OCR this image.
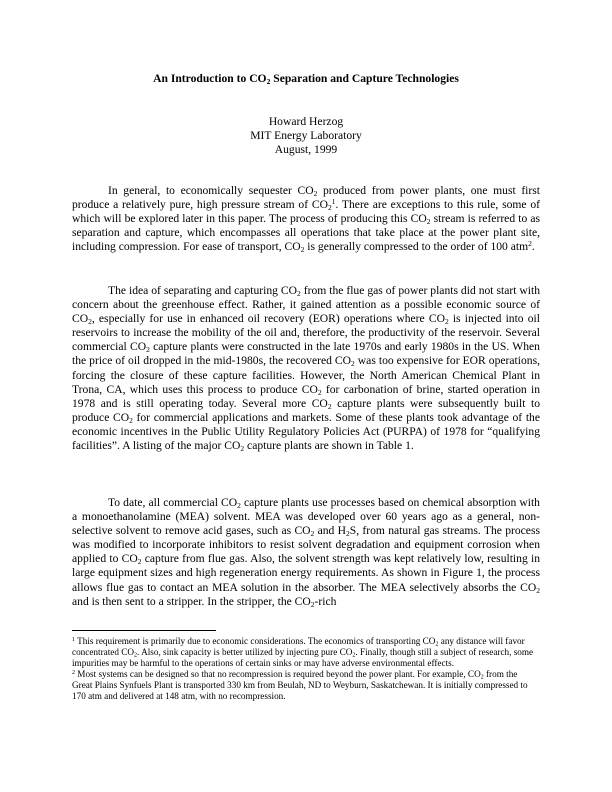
An Introduction to $CO_2$ Separation and Capture Technologies
Howard Herzog
MIT Energy Laboratory
August, 1999

In general, to economically sequester $CO_2$ produced from power plants, one must first produce a relatively pure, high pressure stream of $CO_2^1$. There are exceptions to this rule, some of which will be explored later in this paper. The process of producing this $CO_2$ stream is referred to as separation and capture, which encompasses all operations that take place at the power plant site, including compression. For ease of transport, $CO_2$ is generally compressed to the order of 100 atm$^2$.

The idea of separating and capturing $CO_2$ from the flue gas of power plants did not start with concern about the greenhouse effect. Rather, it gained attention as a possible economic source of $CO_2$, especially for use in enhanced oil recovery (EOR) operations where $CO_2$ is injected into oil reservoirs to increase the mobility of the oil and, therefore, the productivity of the reservoir. Several commercial $CO_2$ capture plants were constructed in the late 1970s and early 1980s in the US. When the price of oil dropped in the mid-1980s, the recovered $CO_2$ was too expensive for EOR operations, forcing the closure of these capture facilities. However, the North American Chemical Plant in Trona, CA, which uses this process to produce $CO_2$ for carbonation of brine, started operation in 1978 and is still operating today. Several more $CO_2$ capture plants were subsequently built to produce $CO_2$ for commercial applications and markets. Some of these plants took advantage of the economic incentives in the Public Utility Regulatory Policies Act (PURPA) of 1978 for “qualifying facilities”. A listing of the major $CO_2$ capture plants are shown in Table 1.

To date, all commercial $CO_2$ capture plants use processes based on chemical absorption with a monoethanolamine (MEA) solvent. MEA was developed over 60 years ago as a general, non-selective solvent to remove acid gases, such as $CO_2$ and $H_2S$, from natural gas streams. The process was modified to incorporate inhibitors to resist solvent degradation and equipment corrosion when applied to $CO_2$ capture from flue gas. Also, the solvent strength was kept relatively low, resulting in large equipment sizes and high regeneration energy requirements. As shown in Figure 1, the process allows flue gas to contact an MEA solution in the absorber. The MEA selectively absorbs the $CO_2$ and is then sent to a stripper. In the stripper, the $CO_2$-rich

$^1$ This requirement is primarily due to economic considerations. The economics of transporting $CO_2$ any distance will favor concentrated $CO_2$. Also, sink capacity is better utilized by injecting pure $CO_2$. Finally, though still a subject of research, some impurities may be harmful to the operations of certain sinks or may have adverse environmental effects.

$^2$ Most systems can be designed so that no recompression is required beyond the power plant. For example, $CO_2$ from the Great Plains Synfuels Plant is transported 330 km from Beulah, ND to Weyburn, Saskatchewan. It is initially compressed to 170 atm and delivered at 148 atm, with no recompression.
